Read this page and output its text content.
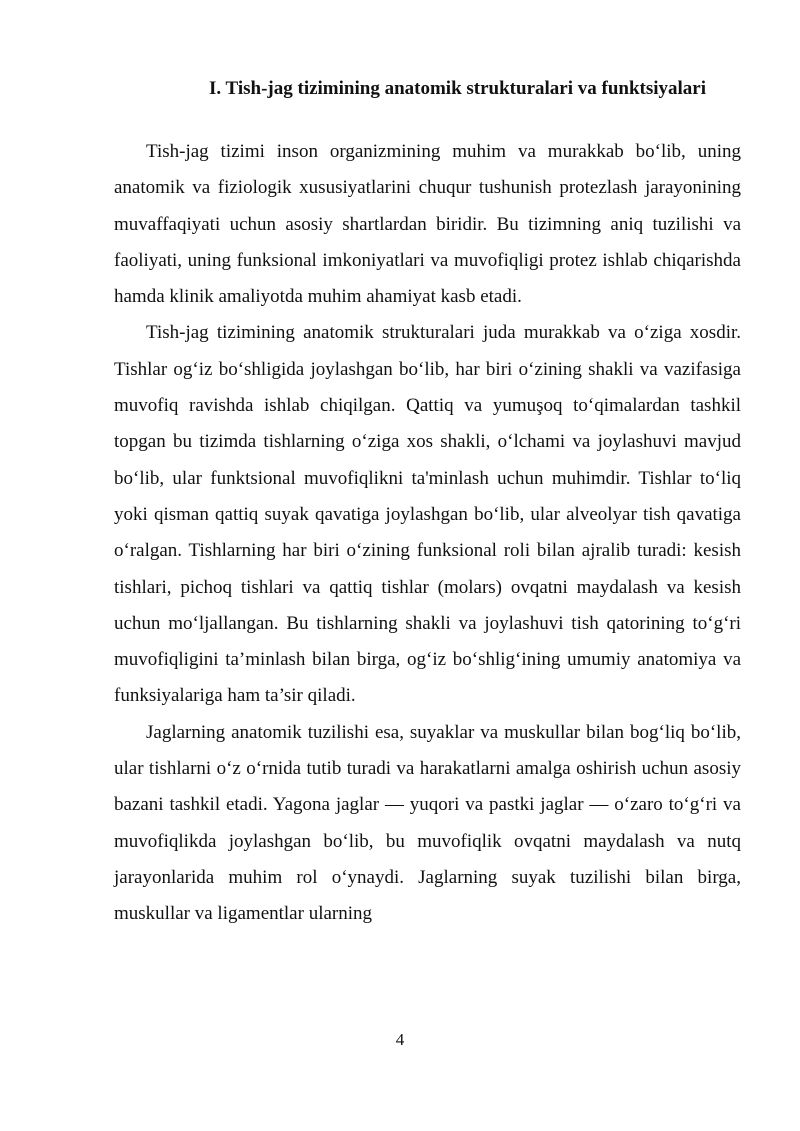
I. Tish-jag tizimining anatomik strukturalari va funktsiyalari

Tish-jag tizimi inson organizmining muhim va murakkab bo‘lib, uning anatomik va fiziologik xususiyatlarini chuqur tushunish protezlash jarayonining muvaffaqiyati uchun asosiy shartlardan biridir. Bu tizimning aniq tuzilishi va faoliyati, uning funksional imkoniyatlari va muvofiqligi protez ishlab chiqarishda hamda klinik amaliyotda muhim ahamiyat kasb etadi.

Tish-jag tizimining anatomik strukturalari juda murakkab va o‘ziga xosdir. Tishlar og‘iz bo‘shligida joylashgan bo‘lib, har biri o‘zining shakli va vazifasiga muvofiq ravishda ishlab chiqilgan. Qattiq va yumuşoq to‘qimalardan tashkil topgan bu tizimda tishlarning o‘ziga xos shakli, o‘lchami va joylashuvi mavjud bo‘lib, ular funktsional muvofiqlikni ta'minlash uchun muhimdir. Tishlar to‘liq yoki qisman qattiq suyak qavatiga joylashgan bo‘lib, ular alveolyar tish qavatiga o‘ralgan. Tishlarning har biri o‘zining funksional roli bilan ajralib turadi: kesish tishlari, pichoq tishlari va qattiq tishlar (molars) ovqatni maydalash va kesish uchun mo‘ljallangan. Bu tishlarning shakli va joylashuvi tish qatorining to‘g‘ri muvofiqligini ta’minlash bilan birga, og‘iz bo‘shlig‘ining umumiy anatomiya va funksiyalariga ham ta’sir qiladi.

Jaglarning anatomik tuzilishi esa, suyaklar va muskullar bilan bog‘liq bo‘lib, ular tishlarni o‘z o‘rnida tutib turadi va harakatlarni amalga oshirish uchun asosiy bazani tashkil etadi. Yagona jaglar — yuqori va pastki jaglar — o‘zaro to‘g‘ri va muvofiqlikda joylashgan bo‘lib, bu muvofiqlik ovqatni maydalash va nutq jarayonlarida muhim rol o‘ynaydi. Jaglarning suyak tuzilishi bilan birga, muskullar va ligamentlar ularning

4
